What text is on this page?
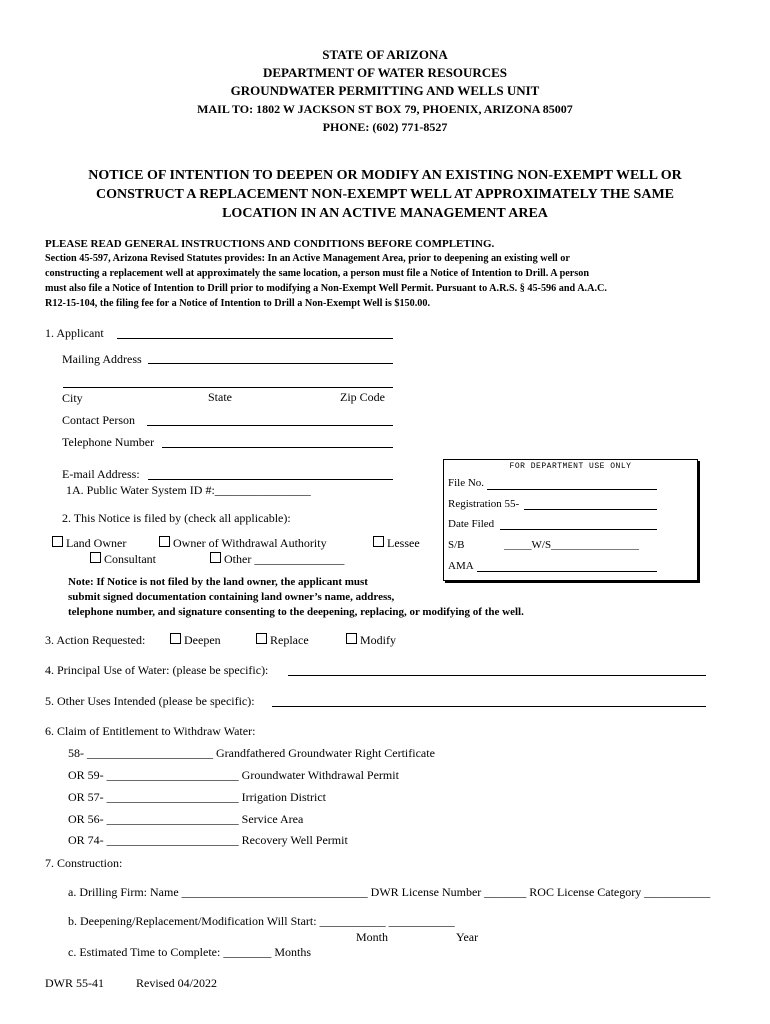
STATE OF ARIZONA
DEPARTMENT OF WATER RESOURCES
GROUNDWATER PERMITTING AND WELLS UNIT
MAIL TO: 1802 W JACKSON ST BOX 79, PHOENIX, ARIZONA 85007
PHONE: (602) 771-8527
NOTICE OF INTENTION TO DEEPEN OR MODIFY AN EXISTING NON-EXEMPT WELL OR
CONSTRUCT A REPLACEMENT NON-EXEMPT WELL AT APPROXIMATELY THE SAME
LOCATION IN AN ACTIVE MANAGEMENT AREA
PLEASE READ GENERAL INSTRUCTIONS AND CONDITIONS BEFORE COMPLETING.
Section 45-597, Arizona Revised Statutes provides: In an Active Management Area, prior to deepening an existing well or
constructing a replacement well at approximately the same location, a person must file a Notice of Intention to Drill. A person
must also file a Notice of Intention to Drill prior to modifying a Non-Exempt Well Permit. Pursuant to A.R.S. § 45-596 and A.A.C.
R12-15-104, the filing fee for a Notice of Intention to Drill a Non-Exempt Well is $150.00.
1. Applicant
Mailing Address
City	State	Zip Code
Contact Person
Telephone Number
E-mail Address:
1A. Public Water System ID #:________________
2. This Notice is filed by (check all applicable):
Land Owner	Owner of Withdrawal Authority	Lessee
Consultant	Other _______________
Note: If Notice is not filed by the land owner, the applicant must
submit signed documentation containing land owner’s name, address,
telephone number, and signature consenting to the deepening, replacing, or modifying of the well.
FOR DEPARTMENT USE ONLY
File No.
Registration 55-
Date Filed
S/B	_____W/S________________
AMA
3. Action Requested:	Deepen	Replace	Modify
4. Principal Use of Water: (please be specific):
5. Other Uses Intended (please be specific):
6. Claim of Entitlement to Withdraw Water:
58- _____________________ Grandfathered Groundwater Right Certificate
OR 59- ______________________ Groundwater Withdrawal Permit
OR 57- ______________________ Irrigation District
OR 56- ______________________ Service Area
OR 74- ______________________ Recovery Well Permit
7. Construction:
a. Drilling Firm: Name _______________________________ DWR License Number _______ ROC License Category ___________
b. Deepening/Replacement/Modification Will Start: ___________ ___________
Month	Year
c. Estimated Time to Complete: ________ Months
DWR 55-41	Revised 04/2022
